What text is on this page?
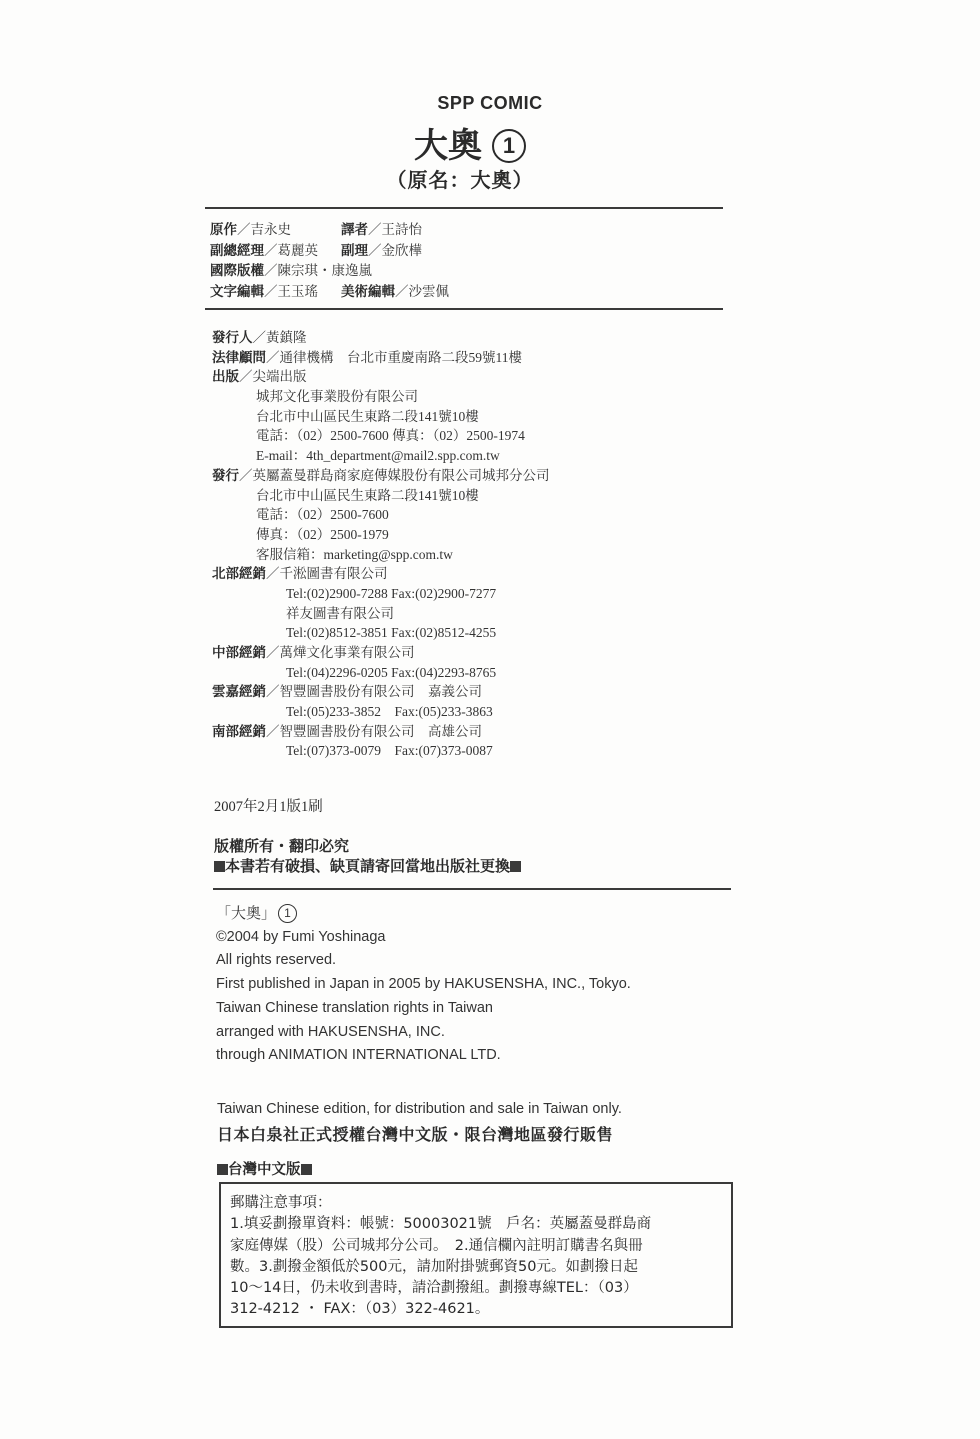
SPP COMIC
大奧 1
（原名：大奧）
原作／吉永史	譯者／王詩怡
副總經理／葛麗英 副理／金欣樺
國際版權／陳宗琪・康逸嵐
文字編輯／王玉瑤 美術編輯／沙雲佩
發行人／黃鎮隆
法律顧問／通律機構　台北市重慶南路二段59號11樓
出版／尖端出版
城邦文化事業股份有限公司
台北市中山區民生東路二段141號10樓
電話：（02）2500-7600 傳真：（02）2500-1974
E-mail：4th_department@mail2.spp.com.tw
發行／英屬蓋曼群島商家庭傳媒股份有限公司城邦分公司
台北市中山區民生東路二段141號10樓
電話：（02）2500-7600
傳真：（02）2500-1979
客服信箱：marketing@spp.com.tw
北部經銷／千淞圖書有限公司
Tel:(02)2900-7288 Fax:(02)2900-7277
祥友圖書有限公司
Tel:(02)8512-3851 Fax:(02)8512-4255
中部經銷／萬燁文化事業有限公司
Tel:(04)2296-0205 Fax:(04)2293-8765
雲嘉經銷／智豐圖書股份有限公司　嘉義公司
Tel:(05)233-3852　Fax:(05)233-3863
南部經銷／智豐圖書股份有限公司　高雄公司
Tel:(07)373-0079　Fax:(07)373-0087
2007年2月1版1刷
版權所有・翻印必究
本書若有破損、缺頁請寄回當地出版社更換
「大奧」 1
©2004 by Fumi Yoshinaga
All rights reserved.
First published in Japan in 2005 by HAKUSENSHA, INC., Tokyo.
Taiwan Chinese translation rights in Taiwan
arranged with HAKUSENSHA, INC.
through ANIMATION INTERNATIONAL LTD.
Taiwan Chinese edition, for distribution and sale in Taiwan only.
日本白泉社正式授權台灣中文版・限台灣地區發行販售
台灣中文版
郵購注意事項：
1.填妥劃撥單資料：帳號：50003021號　戶名：英屬蓋曼群島商
家庭傳媒（股）公司城邦分公司。　2.通信欄內註明訂購書名與冊
數。3.劃撥金額低於500元，請加附掛號郵資50元。如劃撥日起
10～14日，仍未收到書時，請洽劃撥組。劃撥專線TEL：（03）
312-4212 ・ FAX：（03）322-4621。
